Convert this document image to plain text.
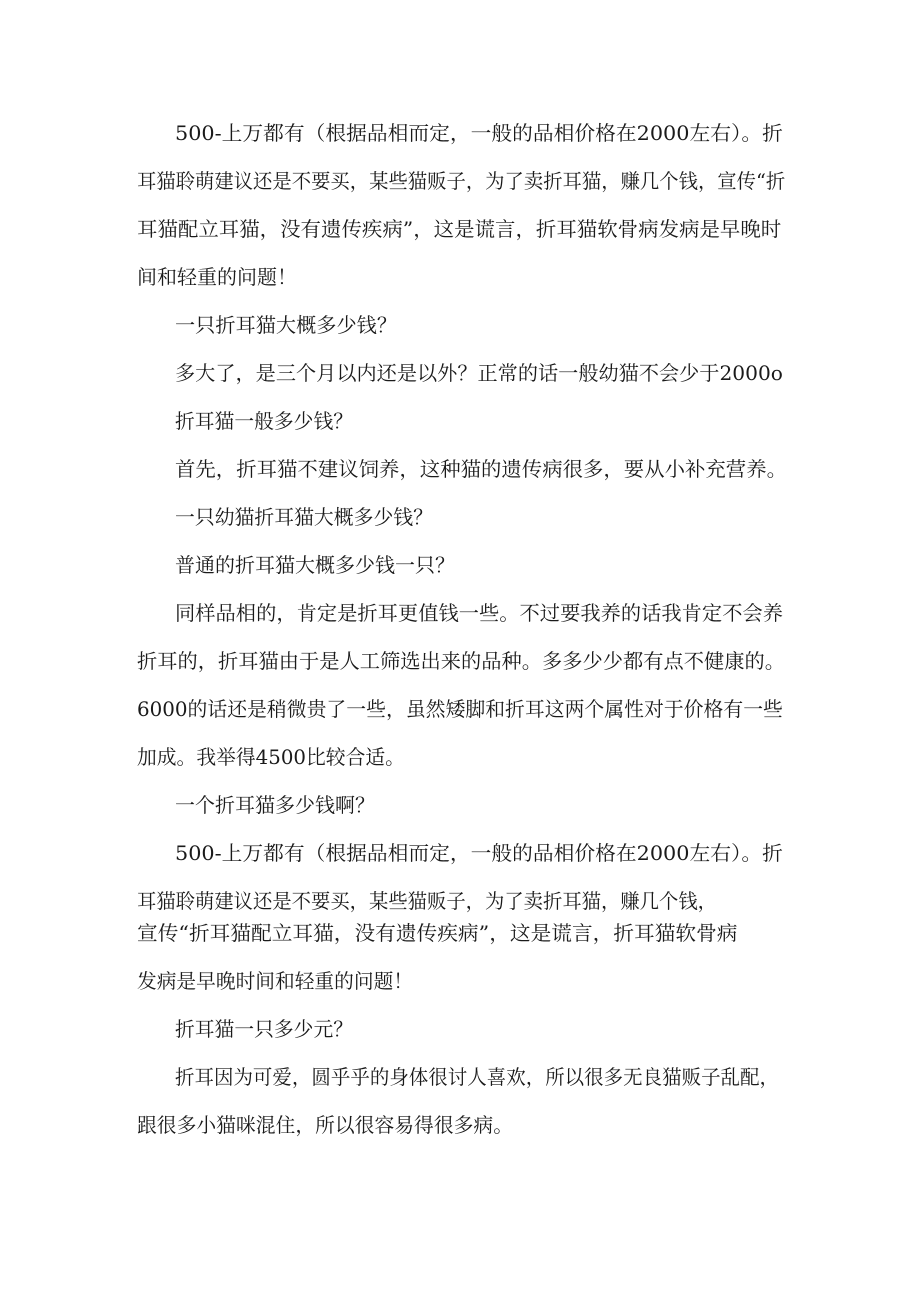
500-上万都有（根据品相而定，一般的品相价格在2000左右）。折

耳猫聆萌建议还是不要买，某些猫贩子，为了卖折耳猫，赚几个钱，宣传“折

耳猫配立耳猫，没有遗传疾病”，这是谎言，折耳猫软骨病发病是早晚时

间和轻重的问题！

一只折耳猫大概多少钱？

多大了，是三个月以内还是以外？正常的话一般幼猫不会少于2000o

折耳猫一般多少钱？

首先，折耳猫不建议饲养，这种猫的遗传病很多，要从小补充营养。

一只幼猫折耳猫大概多少钱？

普通的折耳猫大概多少钱一只？

同样品相的，肯定是折耳更值钱一些。不过要我养的话我肯定不会养

折耳的，折耳猫由于是人工筛选出来的品种。多多少少都有点不健康的。

6000的话还是稍微贵了一些，虽然矮脚和折耳这两个属性对于价格有一些

加成。我举得4500比较合适。

一个折耳猫多少钱啊？

500-上万都有（根据品相而定，一般的品相价格在2000左右）。折

耳猫聆萌建议还是不要买，某些猫贩子，为了卖折耳猫，赚几个钱，

宣传“折耳猫配立耳猫，没有遗传疾病”，这是谎言，折耳猫软骨病

发病是早晚时间和轻重的问题！

折耳猫一只多少元？

折耳因为可爱，圆乎乎的身体很讨人喜欢，所以很多无良猫贩子乱配，

跟很多小猫咪混住，所以很容易得很多病。
